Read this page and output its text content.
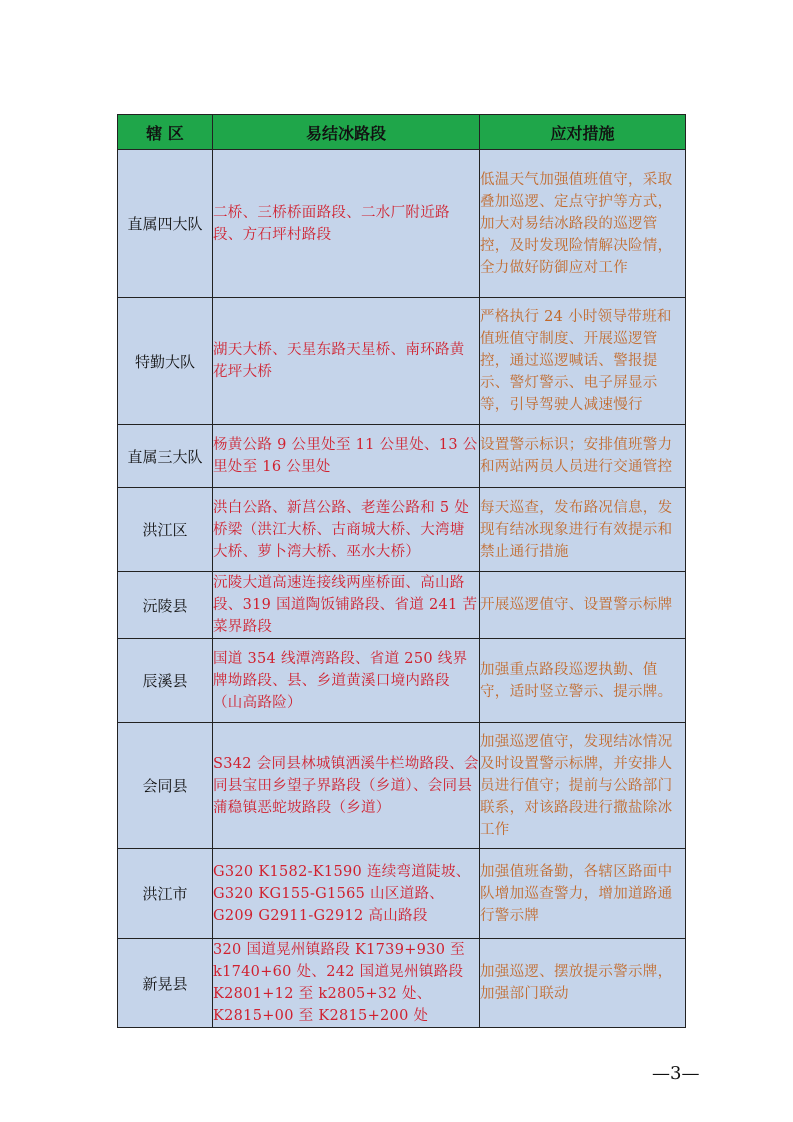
辖 区	易结冰路段	应对措施
直属四大队	二桥、三桥桥面路段、二水厂附近路段、方石坪村路段	低温天气加强值班值守，采取叠加巡逻、定点守护等方式，加大对易结冰路段的巡逻管控，及时发现险情解决险情，全力做好防御应对工作
特勤大队	湖天大桥、天星东路天星桥、南环路黄花坪大桥	严格执行 24 小时领导带班和值班值守制度、开展巡逻管控，通过巡逻喊话、警报提示、警灯警示、电子屏显示等，引导驾驶人减速慢行
直属三大队	杨黄公路 9 公里处至 11 公里处、13 公里处至 16 公里处	设置警示标识；安排值班警力和两站两员人员进行交通管控
洪江区	洪白公路、新莒公路、老莲公路和 5 处桥梁（洪江大桥、古商城大桥、大湾塘大桥、萝卜湾大桥、巫水大桥）	每天巡查，发布路况信息，发现有结冰现象进行有效提示和禁止通行措施
沅陵县	沅陵大道高速连接线两座桥面、高山路段、319 国道陶饭铺路段、省道 241 苦菜界路段	开展巡逻值守、设置警示标牌
辰溪县	国道 354 线潭湾路段、省道 250 线界牌坳路段、县、乡道黄溪口境内路段（山高路险）	加强重点路段巡逻执勤、值守，适时竖立警示、提示牌。
会同县	S342 会同县林城镇洒溪牛栏坳路段、会同县宝田乡望子界路段（乡道）、会同县蒲稳镇恶蛇坡路段（乡道）	加强巡逻值守，发现结冰情况及时设置警示标牌，并安排人员进行值守；提前与公路部门联系，对该路段进行撒盐除冰工作
洪江市	G320 K1582-K1590 连续弯道陡坡、G320 KG155-G1565 山区道路、G209 G2911-G2912 高山路段	加强值班备勤，各辖区路面中队增加巡查警力，增加道路通行警示牌
新晃县	320 国道晃州镇路段 K1739+930 至 k1740+60 处、242 国道晃州镇路段 K2801+12 至 k2805+32 处、K2815+00 至 K2815+200 处	加强巡逻、摆放提示警示牌，加强部门联动
—3—
